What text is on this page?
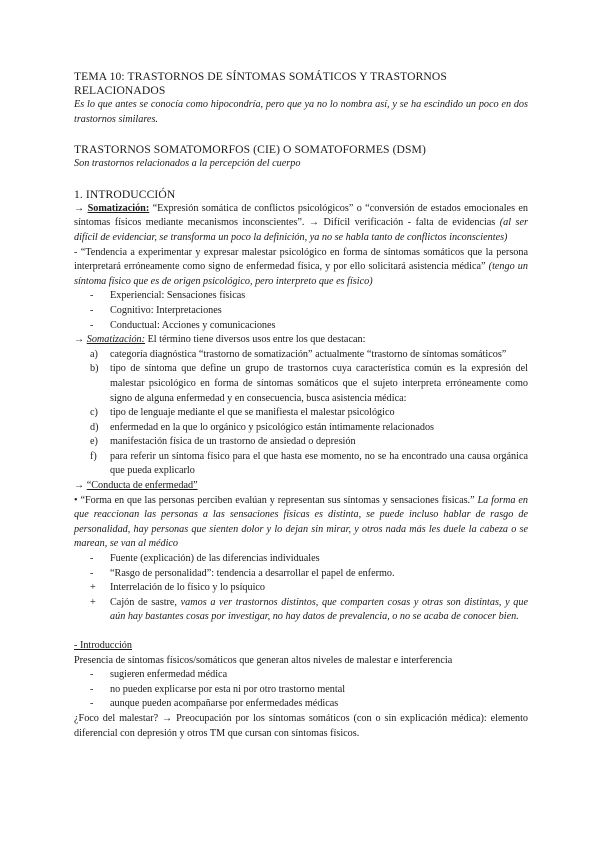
TEMA 10: TRASTORNOS DE SÍNTOMAS SOMÁTICOS Y TRASTORNOS RELACIONADOS

Es lo que antes se conocía como hipocondría, pero que ya no lo nombra así, y se ha escindido un poco en dos trastornos similares.

TRASTORNOS SOMATOMORFOS (CIE) O SOMATOFORMES (DSM)

Son trastornos relacionados a la percepción del cuerpo

1. INTRODUCCIÓN

→ Somatización: “Expresión somática de conflictos psicológicos” o “conversión de estados emocionales en síntomas físicos mediante mecanismos inconscientes”. → Difícil verificación - falta de evidencias (al ser difícil de evidenciar, se transforma un poco la definición, ya no se habla tanto de conflictos inconscientes)

- “Tendencia a experimentar y expresar malestar psicológico en forma de síntomas somáticos que la persona interpretará erróneamente como signo de enfermedad física, y por ello solicitará asistencia médica” (tengo un síntoma físico que es de origen psicológico, pero interpreto que es físico)

- Experiencial: Sensaciones físicas
- Cognitivo: Interpretaciones
- Conductual: Acciones y comunicaciones

→ Somatización: El término tiene diversos usos entre los que destacan:

a) categoría diagnóstica “trastorno de somatización” actualmente “trastorno de síntomas somáticos”
b) tipo de síntoma que define un grupo de trastornos cuya característica común es la expresión del malestar psicológico en forma de síntomas somáticos que el sujeto interpreta erróneamente como signo de alguna enfermedad y en consecuencia, busca asistencia médica:
c) tipo de lenguaje mediante el que se manifiesta el malestar psicológico
d) enfermedad en la que lo orgánico y psicológico están íntimamente relacionados
e) manifestación física de un trastorno de ansiedad o depresión
f) para referir un síntoma físico para el que hasta ese momento, no se ha encontrado una causa orgánica que pueda explicarlo

→ “Conducta de enfermedad”

• “Forma en que las personas perciben evalúan y representan sus síntomas y sensaciones físicas.” La forma en que reaccionan las personas a las sensaciones físicas es distinta, se puede incluso hablar de rasgo de personalidad, hay personas que sienten dolor y lo dejan sin mirar, y otros nada más les duele la cabeza o se marean, se van al médico

- Fuente (explicación) de las diferencias individuales
- “Rasgo de personalidad”: tendencia a desarrollar el papel de enfermo.
+ Interrelación de lo físico y lo psíquico
+ Cajón de sastre, vamos a ver trastornos distintos, que comparten cosas y otras son distintas, y que aún hay bastantes cosas por investigar, no hay datos de prevalencia, o no se acaba de conocer bien.

- Introducción

Presencia de síntomas físicos/somáticos que generan altos niveles de malestar e interferencia

- sugieren enfermedad médica
- no pueden explicarse por esta ni por otro trastorno mental
- aunque pueden acompañarse por enfermedades médicas

¿Foco del malestar? → Preocupación por los síntomas somáticos (con o sin explicación médica): elemento diferencial con depresión y otros TM que cursan con síntomas físicos.
